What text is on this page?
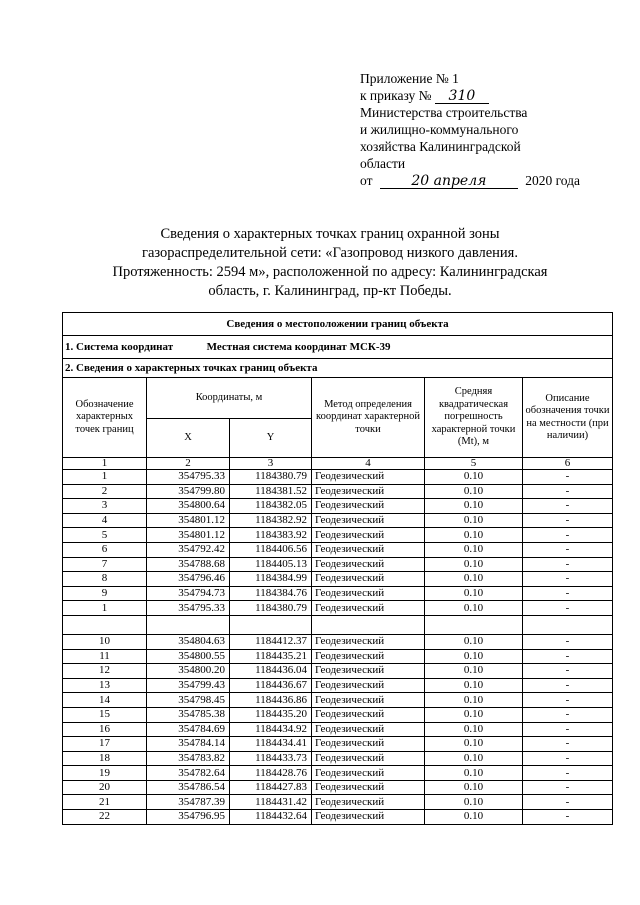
Приложение № 1
к приказу № 310
Министерства строительства
и жилищно-коммунального
хозяйства Калининградской
области
от	20 апреля	2020 года
Сведения о характерных точках границ охранной зоны
газораспределительной сети: «Газопровод низкого давления.
Протяженность: 2594 м», расположенной по адресу: Калининградская
область, г. Калининград, пр-кт Победы.
Сведения о местоположении границ объекта					
1. Система координат Местная система координат МСК-39					
2. Сведения о характерных точках границ объекта					
Обозначение характерных точек границ	Координаты, м		Метод определения координат характерной точки	Средняя квадратическая погрешность характерной точки (Mt), м	Описание обозначения точки на местности (при наличии)
	X	Y			
1	2	3	4	5	6
1	354795.33	1184380.79	Геодезический	0.10	-
2	354799.80	1184381.52	Геодезический	0.10	-
3	354800.64	1184382.05	Геодезический	0.10	-
4	354801.12	1184382.92	Геодезический	0.10	-
5	354801.12	1184383.92	Геодезический	0.10	-
6	354792.42	1184406.56	Геодезический	0.10	-
7	354788.68	1184405.13	Геодезический	0.10	-
8	354796.46	1184384.99	Геодезический	0.10	-
9	354794.73	1184384.76	Геодезический	0.10	-
1	354795.33	1184380.79	Геодезический	0.10	-

10	354804.63	1184412.37	Геодезический	0.10	-
11	354800.55	1184435.21	Геодезический	0.10	-
12	354800.20	1184436.04	Геодезический	0.10	-
13	354799.43	1184436.67	Геодезический	0.10	-
14	354798.45	1184436.86	Геодезический	0.10	-
15	354785.38	1184435.20	Геодезический	0.10	-
16	354784.69	1184434.92	Геодезический	0.10	-
17	354784.14	1184434.41	Геодезический	0.10	-
18	354783.82	1184433.73	Геодезический	0.10	-
19	354782.64	1184428.76	Геодезический	0.10	-
20	354786.54	1184427.83	Геодезический	0.10	-
21	354787.39	1184431.42	Геодезический	0.10	-
22	354796.95	1184432.64	Геодезический	0.10	-
